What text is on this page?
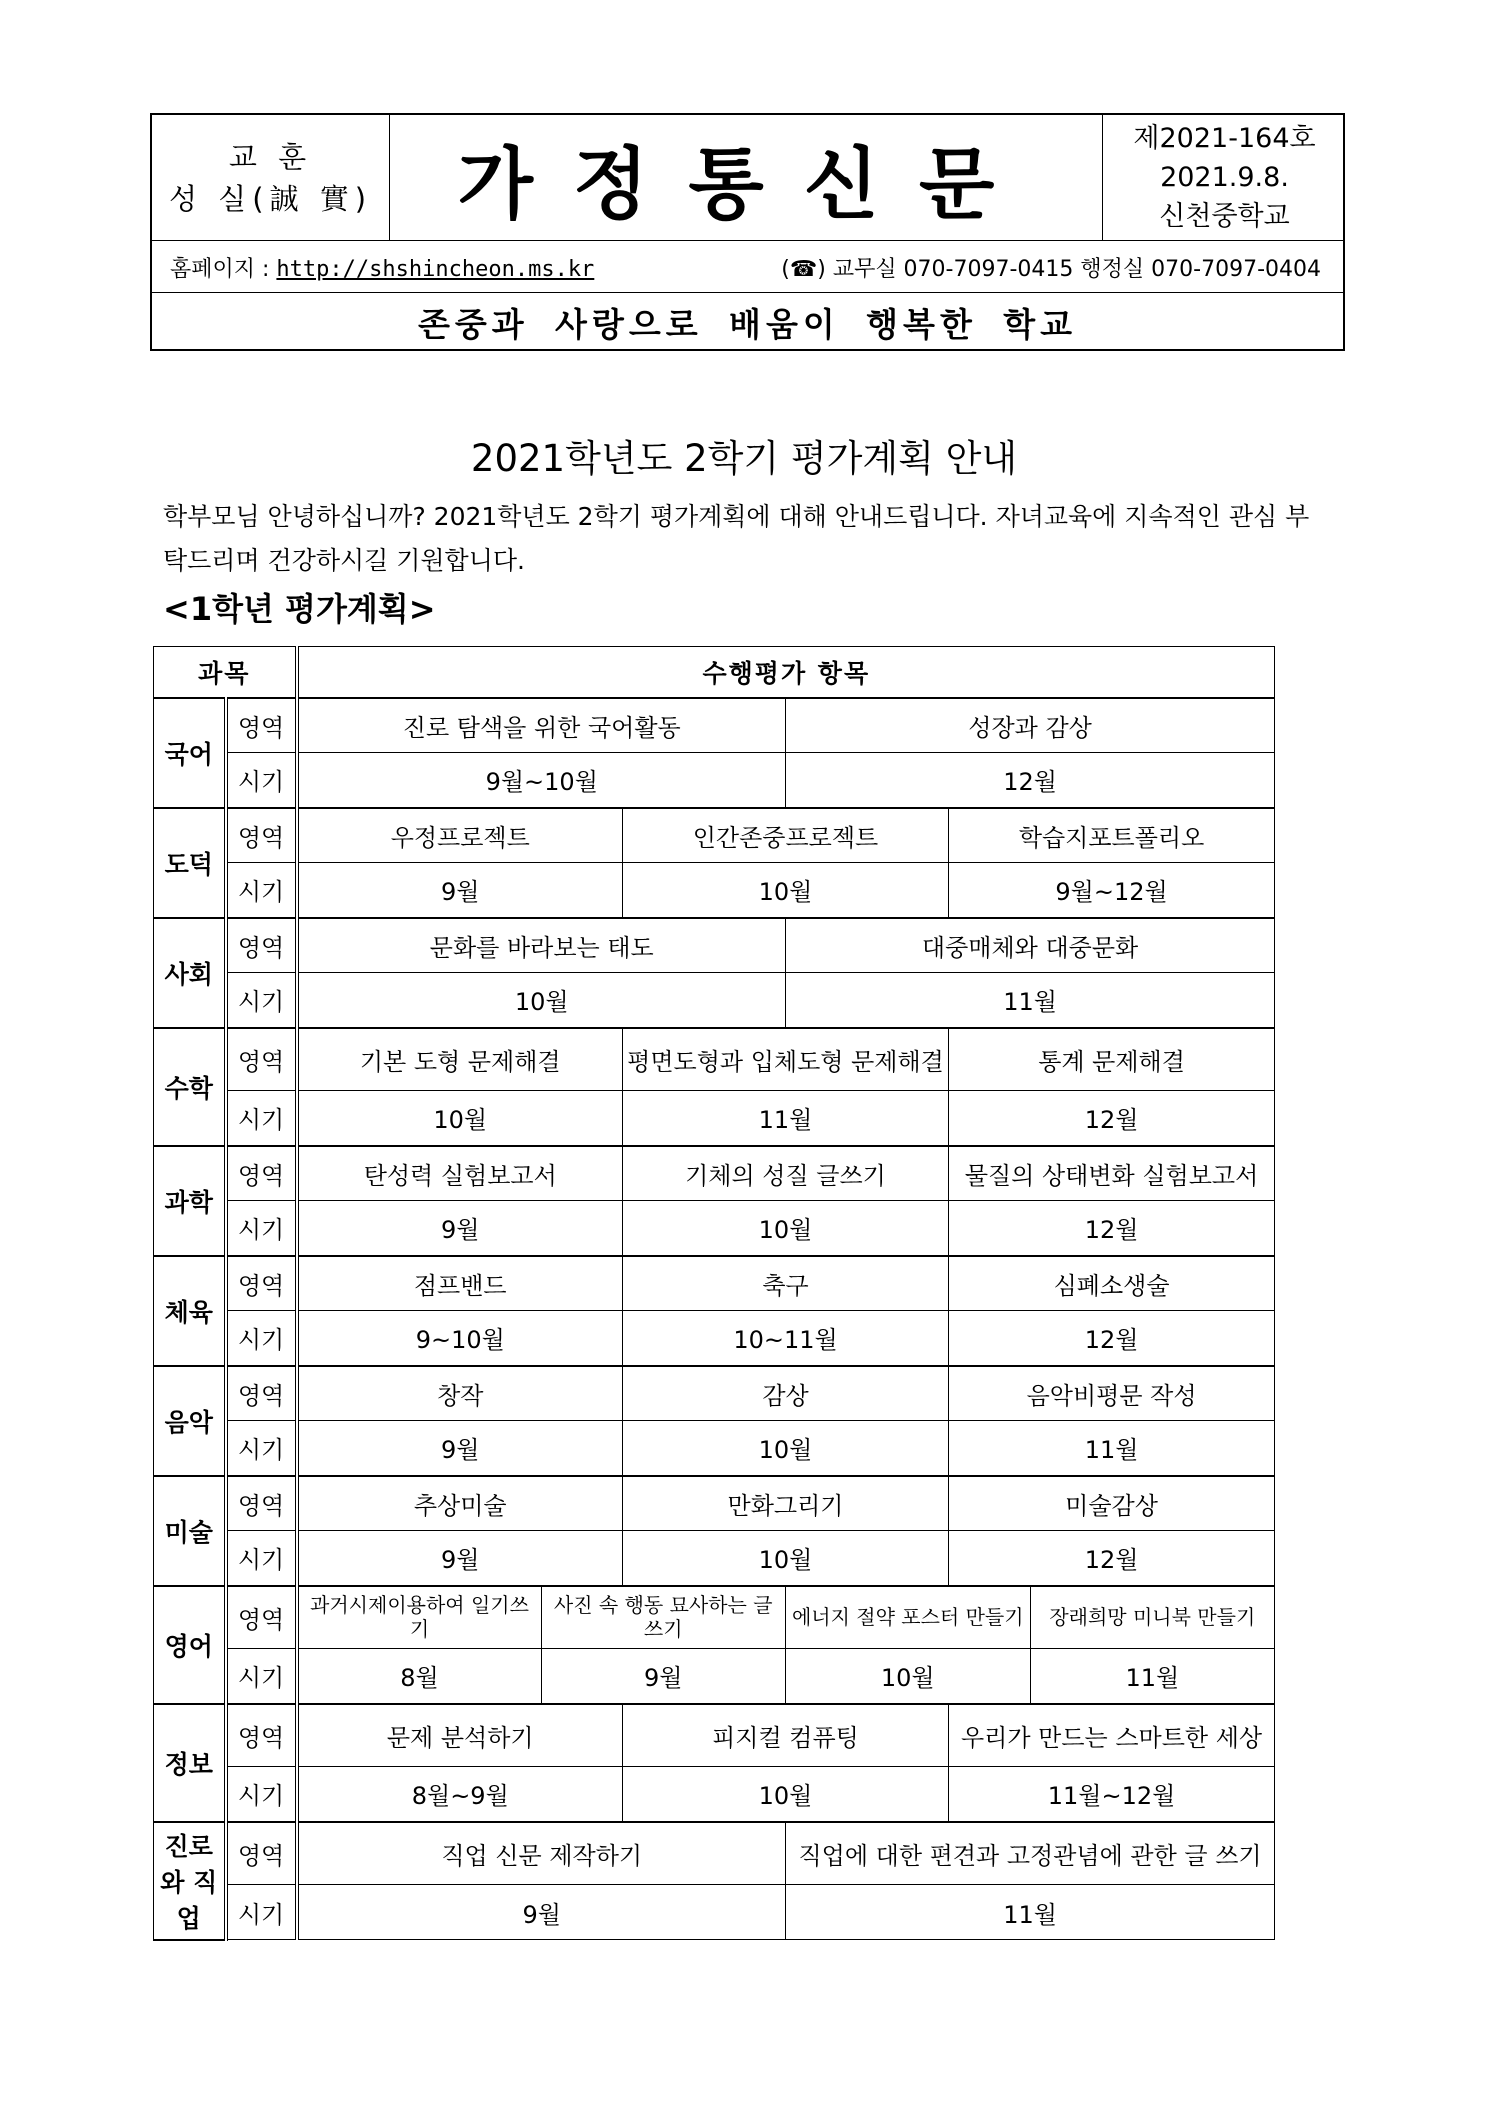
교 훈
성 실(誠 實)	가정통신문
제2021-164호
2021.9.8.
신천중학교
홈페이지 : http://shshincheon.ms.kr	(☎) 교무실 070-7097-0415 행정실 070-7097-0404
존중과 사랑으로 배움이 행복한 학교
2021학년도 2학기 평가계획 안내
학부모님 안녕하십니까? 2021학년도 2학기 평가계획에 대해 안내드립니다. 자녀교육에 지속적인 관심 부탁드리며 건강하시길 기원합니다.
<1학년 평가계획>
과목		수행평가 항목					
국어	영역	진로 탐색을 위한 국어활동			성장과 감상		
	시기	9월~10월			12월		
도덕	영역	우정프로젝트		인간존중프로젝트		학습지포트폴리오	
	시기	9월		10월		9월~12월	
사회	영역	문화를 바라보는 태도			대중매체와 대중문화		
	시기	10월			11월		
수학	영역	기본 도형 문제해결		평면도형과 입체도형 문제해결		통계 문제해결	
	시기	10월		11월		12월	
과학	영역	탄성력 실험보고서		기체의 성질 글쓰기		물질의 상태변화 실험보고서	
	시기	9월		10월		12월	
체육	영역	점프밴드		축구		심폐소생술	
	시기	9~10월		10~11월		12월	
음악	영역	창작		감상		음악비평문 작성	
	시기	9월		10월		11월	
미술	영역	추상미술		만화그리기		미술감상	
	시기	9월		10월		12월	
영어	영역	과거시제이용하여 일기쓰기	사진 속 행동 묘사하는 글 쓰기		에너지 절약 포스터 만들기		장래희망 미니북 만들기
	시기	8월	9월		10월		11월
정보	영역	문제 분석하기		피지컬 컴퓨팅		우리가 만드는 스마트한 세상	
	시기	8월~9월		10월		11월~12월	
진로와 직업	영역	직업 신문 제작하기			직업에 대한 편견과 고정관념에 관한 글 쓰기		
	시기	9월			11월		
